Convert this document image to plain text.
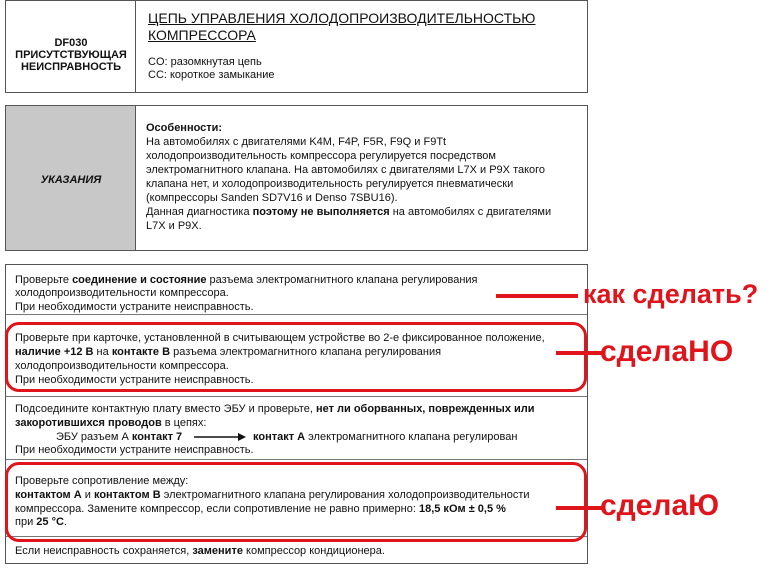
DF030
ПРИСУТСТВУЮЩАЯ
НЕИСПРАВНОСТЬ
ЦЕПЬ УПРАВЛЕНИЯ ХОЛОДОПРОИЗВОДИТЕЛЬНОСТЬЮ
КОМПРЕССОРА
CO: разомкнутая цепь
CC: короткое замыкание
УКАЗАНИЯ
Особенности:
На автомобилях с двигателями K4M, F4P, F5R, F9Q и F9Tt
холодопроизводительность компрессора регулируется посредством
электромагнитного клапана. На автомобилях с двигателями L7X и P9X такого
клапана нет, и холодопроизводительность регулируется пневматически
(компрессоры Sanden SD7V16 и Denso 7SBU16).
Данная диагностика поэтому не выполняется на автомобилях с двигателями
L7X и P9X.
Проверьте соединение и состояние разъема электромагнитного клапана регулирования
холодопроизводительности компрессора.
При необходимости устраните неисправность.
Проверьте при карточке, установленной в считывающем устройстве во 2-е фиксированное положение,
наличие +12 В на контакте В разъема электромагнитного клапана регулирования
холодопроизводительности компрессора.
При необходимости устраните неисправность.
Подсоедините контактную плату вместо ЭБУ и проверьте, нет ли оборванных, поврежденных или
закоротившихся проводов в цепях:
ЭБУ разъем А контакт 7	контакт А электромагнитного клапана регулирован
При необходимости устраните неисправность.
Проверьте сопротивление между:
контактом А и контактом В электромагнитного клапана регулирования холодопроизводительности
компрессора. Замените компрессор, если сопротивление не равно примерно: 18,5 кОм ± 0,5 %
при 25 °С.
Если неисправность сохраняется, замените компрессор кондиционера.
как сделать?
сделаНО
сделаЮ
